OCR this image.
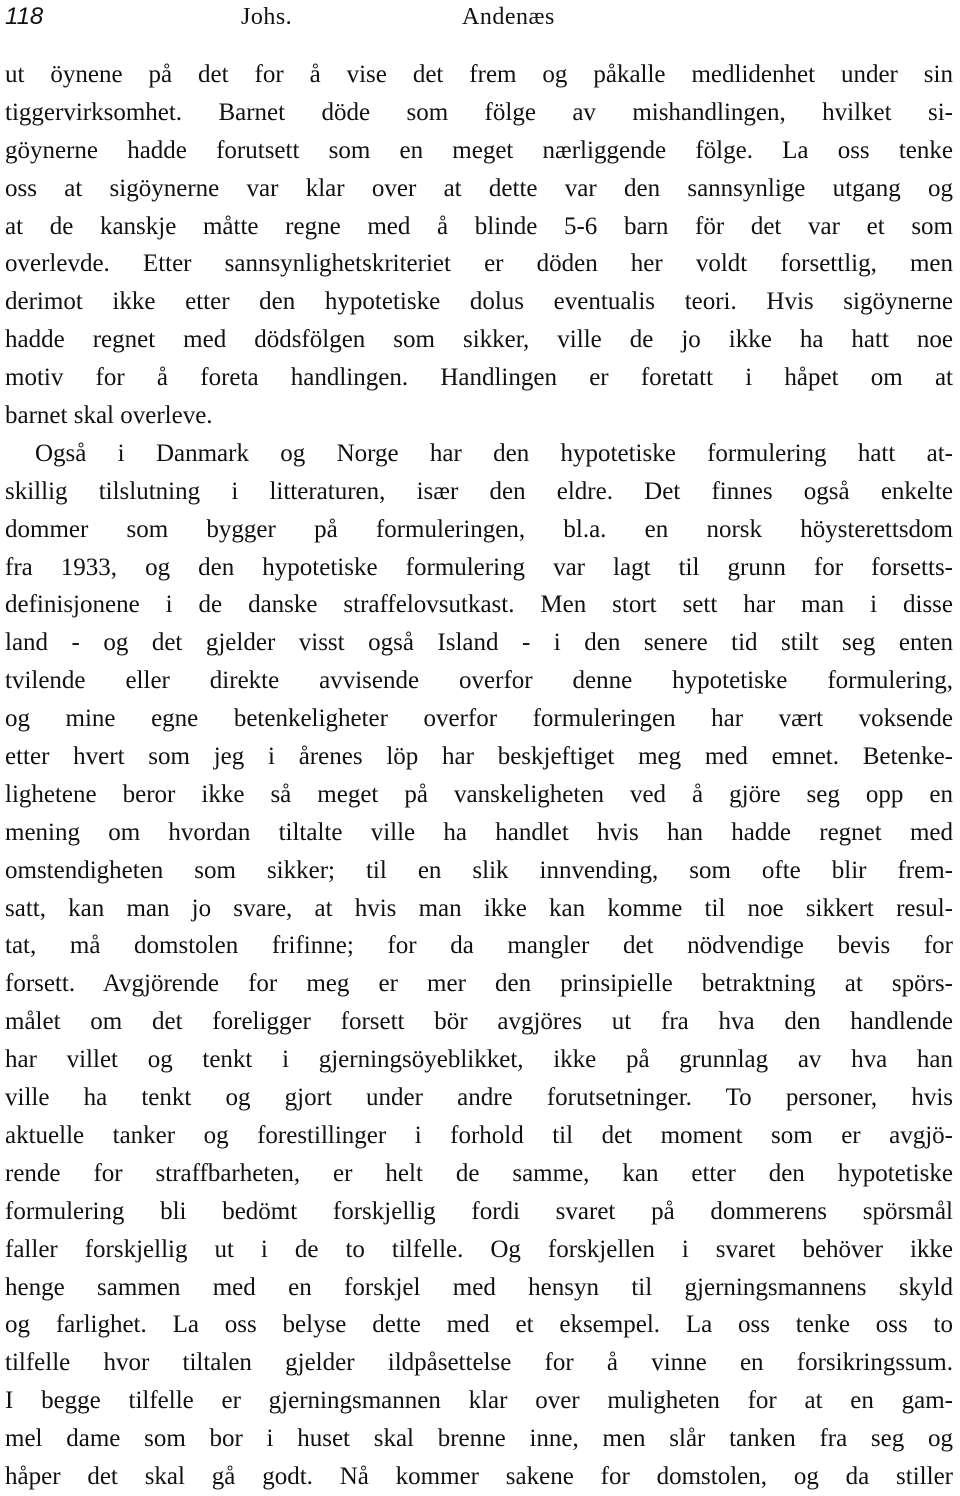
118	Johs.	Andenæs
ut öynene på det for å vise det frem og påkalle medlidenhet under sin
tiggervirksomhet. Barnet döde som fölge av mishandlingen, hvilket si-
göynerne hadde forutsett som en meget nærliggende fölge. La oss tenke
oss at sigöynerne var klar over at dette var den sannsynlige utgang og
at de kanskje måtte regne med å blinde 5-6 barn för det var et som
overlevde. Etter sannsynlighetskriteriet er döden her voldt forsettlig, men
derimot ikke etter den hypotetiske dolus eventualis teori. Hvis sigöynerne
hadde regnet med dödsfölgen som sikker, ville de jo ikke ha hatt noe
motiv for å foreta handlingen. Handlingen er foretatt i håpet om at
barnet skal overleve.
Også i Danmark og Norge har den hypotetiske formulering hatt at-
skillig tilslutning i litteraturen, især den eldre. Det finnes også enkelte
dommer som bygger på formuleringen, bl.a. en norsk höysterettsdom
fra 1933, og den hypotetiske formulering var lagt til grunn for forsetts-
definisjonene i de danske straffelovsutkast. Men stort sett har man i disse
land - og det gjelder visst også Island - i den senere tid stilt seg enten
tvilende eller direkte avvisende overfor denne hypotetiske formulering,
og mine egne betenkeligheter overfor formuleringen har vært voksende
etter hvert som jeg i årenes löp har beskjeftiget meg med emnet. Betenke-
lighetene beror ikke så meget på vanskeligheten ved å gjöre seg opp en
mening om hvordan tiltalte ville ha handlet hvis han hadde regnet med
omstendigheten som sikker; til en slik innvending, som ofte blir frem-
satt, kan man jo svare, at hvis man ikke kan komme til noe sikkert resul-
tat, må domstolen frifinne; for da mangler det nödvendige bevis for
forsett. Avgjörende for meg er mer den prinsipielle betraktning at spörs-
målet om det foreligger forsett bör avgjöres ut fra hva den handlende
har villet og tenkt i gjerningsöyeblikket, ikke på grunnlag av hva han
ville ha tenkt og gjort under andre forutsetninger. To personer, hvis
aktuelle tanker og forestillinger i forhold til det moment som er avgjö-
rende for straffbarheten, er helt de samme, kan etter den hypotetiske
formulering bli bedömt forskjellig fordi svaret på dommerens spörsmål
faller forskjellig ut i de to tilfelle. Og forskjellen i svaret behöver ikke
henge sammen med en forskjel med hensyn til gjerningsmannens skyld
og farlighet. La oss belyse dette med et eksempel. La oss tenke oss to
tilfelle hvor tiltalen gjelder ildpåsettelse for å vinne en forsikringssum.
I begge tilfelle er gjerningsmannen klar over muligheten for at en gam-
mel dame som bor i huset skal brenne inne, men slår tanken fra seg og
håper det skal gå godt. Nå kommer sakene for domstolen, og da stiller
